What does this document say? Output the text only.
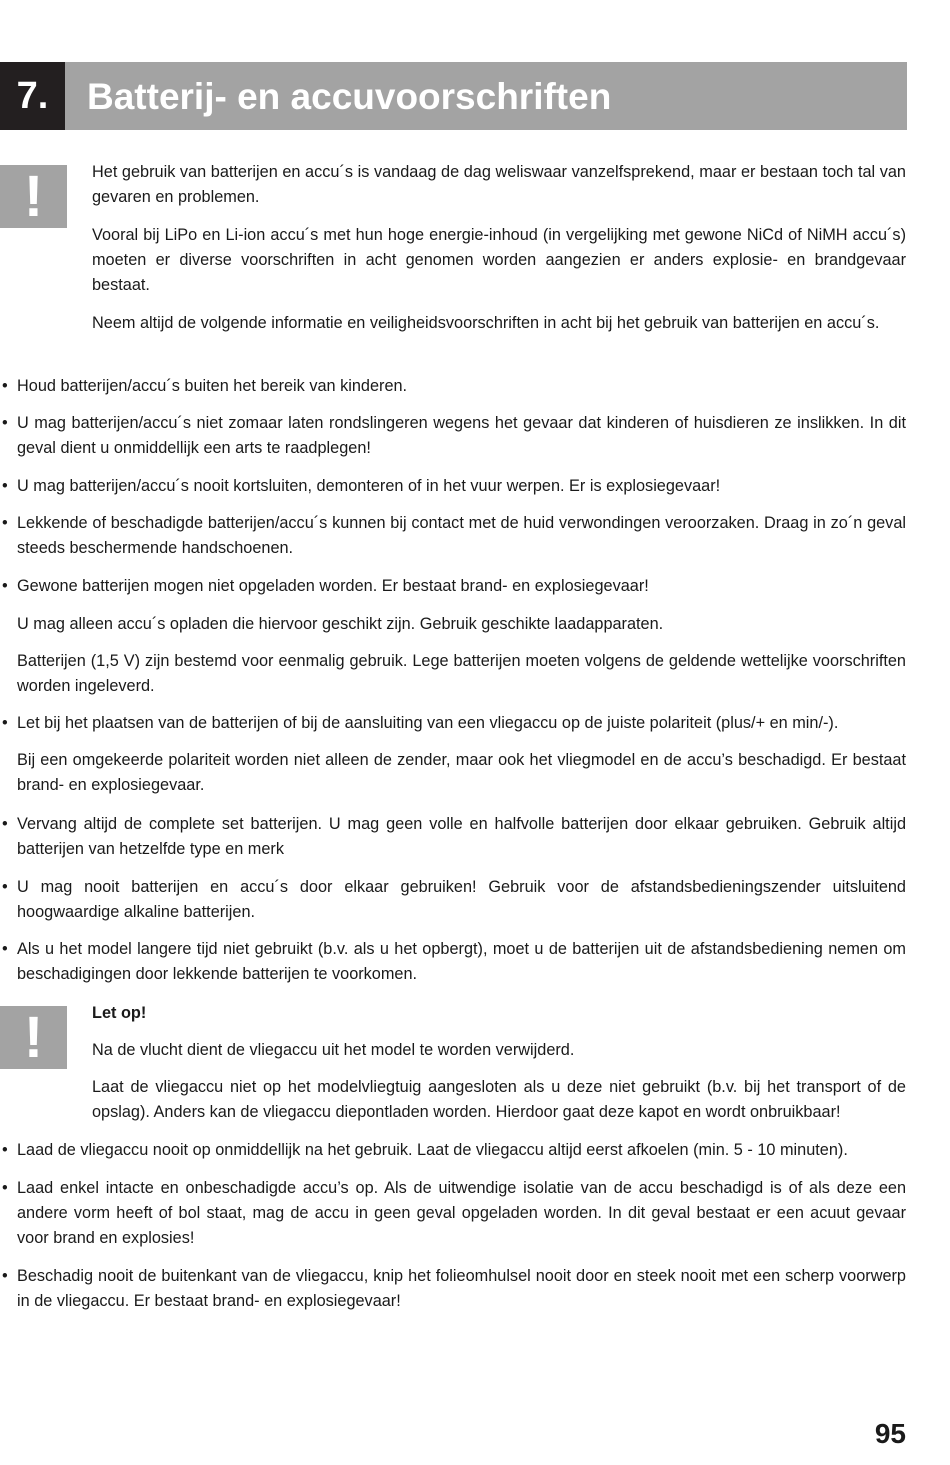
7.	Batterij- en accuvoorschriften
!	Het gebruik van batterijen en accu´s is vandaag de dag weliswaar vanzelfsprekend, maar er bestaan toch tal van gevaren en problemen.

Vooral bij LiPo en Li-ion accu´s met hun hoge energie-inhoud (in vergelijking met gewone NiCd of NiMH accu´s) moeten er diverse voorschriften in acht genomen worden aangezien er anders explosie- en brandgevaar bestaat.

Neem altijd de volgende informatie en veiligheidsvoorschriften in acht bij het gebruik van batterijen en accu´s.

• Houd batterijen/accu´s buiten het bereik van kinderen.
• U mag batterijen/accu´s niet zomaar laten rondslingeren wegens het gevaar dat kinderen of huisdieren ze inslikken. In dit geval dient u onmiddellijk een arts te raadplegen!
• U mag batterijen/accu´s nooit kortsluiten, demonteren of in het vuur werpen. Er is explosiegevaar!
• Lekkende of beschadigde batterijen/accu´s kunnen bij contact met de huid verwondingen veroorzaken. Draag in zo´n geval steeds beschermende handschoenen.
• Gewone batterijen mogen niet opgeladen worden. Er bestaat brand- en explosiegevaar!

U mag alleen accu´s opladen die hiervoor geschikt zijn. Gebruik geschikte laadapparaten.

Batterijen (1,5 V) zijn bestemd voor eenmalig gebruik. Lege batterijen moeten volgens de geldende wettelijke voorschriften worden ingeleverd.

• Let bij het plaatsen van de batterijen of bij de aansluiting van een vliegaccu op de juiste polariteit (plus/+ en min/-).

Bij een omgekeerde polariteit worden niet alleen de zender, maar ook het vliegmodel en de accu’s beschadigd. Er bestaat brand- en explosiegevaar.

• Vervang altijd de complete set batterijen. U mag geen volle en halfvolle batterijen door elkaar gebruiken. Gebruik altijd batterijen van hetzelfde type en merk
• U mag nooit batterijen en accu´s door elkaar gebruiken! Gebruik voor de afstandsbedieningszender uitsluitend hoogwaardige alkaline batterijen.
• Als u het model langere tijd niet gebruikt (b.v. als u het opbergt), moet u de batterijen uit de afstandsbediening nemen om beschadigingen door lekkende batterijen te voorkomen.
!	Let op!

Na de vlucht dient de vliegaccu uit het model te worden verwijderd.

Laat de vliegaccu niet op het modelvliegtuig aangesloten als u deze niet gebruikt (b.v. bij het transport of de opslag). Anders kan de vliegaccu diepontladen worden. Hierdoor gaat deze kapot en wordt onbruikbaar!

• Laad de vliegaccu nooit op onmiddellijk na het gebruik. Laat de vliegaccu altijd eerst afkoelen (min. 5 - 10 minuten).
• Laad enkel intacte en onbeschadigde accu’s op. Als de uitwendige isolatie van de accu beschadigd is of als deze een andere vorm heeft of bol staat, mag de accu in geen geval opgeladen worden. In dit geval bestaat er een acuut gevaar voor brand en explosies!
• Beschadig nooit de buitenkant van de vliegaccu, knip het folieomhulsel nooit door en steek nooit met een scherp voorwerp in de vliegaccu. Er bestaat brand- en explosiegevaar!
95
